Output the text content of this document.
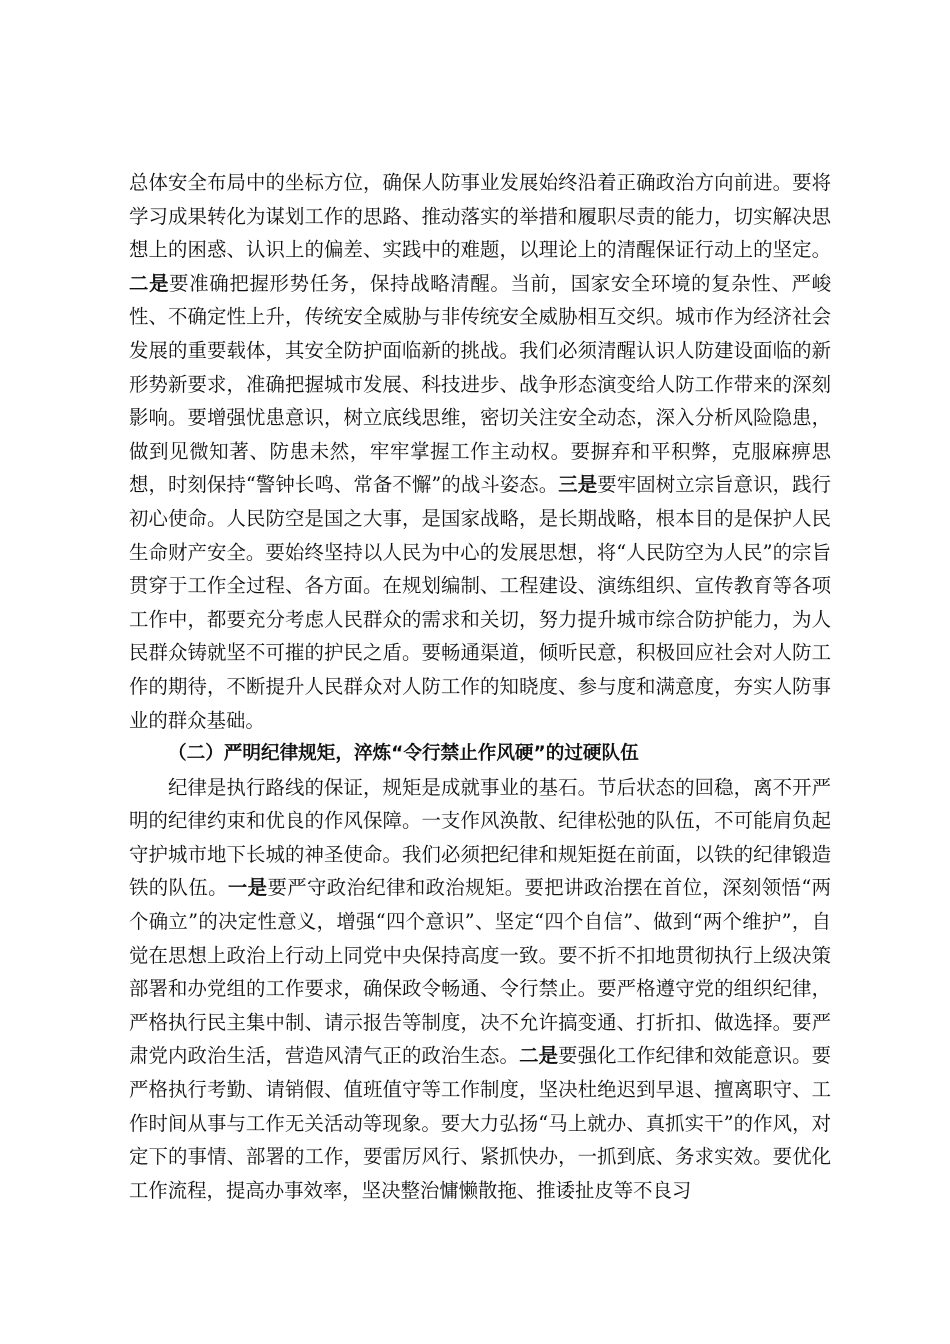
总体安全布局中的坐标方位，确保人防事业发展始终沿着正确政治方向前进。要将学习成果转化为谋划工作的思路、推动落实的举措和履职尽责的能力，切实解决思想上的困惑、认识上的偏差、实践中的难题，以理论上的清醒保证行动上的坚定。二是要准确把握形势任务，保持战略清醒。当前，国家安全环境的复杂性、严峻性、不确定性上升，传统安全威胁与非传统安全威胁相互交织。城市作为经济社会发展的重要载体，其安全防护面临新的挑战。我们必须清醒认识人防建设面临的新形势新要求，准确把握城市发展、科技进步、战争形态演变给人防工作带来的深刻影响。要增强忧患意识，树立底线思维，密切关注安全动态，深入分析风险隐患，做到见微知著、防患未然，牢牢掌握工作主动权。要摒弃和平积弊，克服麻痹思想，时刻保持“警钟长鸣、常备不懈”的战斗姿态。三是要牢固树立宗旨意识，践行初心使命。人民防空是国之大事，是国家战略，是长期战略，根本目的是保护人民生命财产安全。要始终坚持以人民为中心的发展思想，将“人民防空为人民”的宗旨贯穿于工作全过程、各方面。在规划编制、工程建设、演练组织、宣传教育等各项工作中，都要充分考虑人民群众的需求和关切，努力提升城市综合防护能力，为人民群众铸就坚不可摧的护民之盾。要畅通渠道，倾听民意，积极回应社会对人防工作的期待，不断提升人民群众对人防工作的知晓度、参与度和满意度，夯实人防事业的群众基础。

（二）严明纪律规矩，淬炼“令行禁止作风硬”的过硬队伍

纪律是执行路线的保证，规矩是成就事业的基石。节后状态的回稳，离不开严明的纪律约束和优良的作风保障。一支作风涣散、纪律松弛的队伍，不可能肩负起守护城市地下长城的神圣使命。我们必须把纪律和规矩挺在前面，以铁的纪律锻造铁的队伍。一是要严守政治纪律和政治规矩。要把讲政治摆在首位，深刻领悟“两个确立”的决定性意义，增强“四个意识”、坚定“四个自信”、做到“两个维护”，自觉在思想上政治上行动上同党中央保持高度一致。要不折不扣地贯彻执行上级决策部署和办党组的工作要求，确保政令畅通、令行禁止。要严格遵守党的组织纪律，严格执行民主集中制、请示报告等制度，决不允许搞变通、打折扣、做选择。要严肃党内政治生活，营造风清气正的政治生态。二是要强化工作纪律和效能意识。要严格执行考勤、请销假、值班值守等工作制度，坚决杜绝迟到早退、擅离职守、工作时间从事与工作无关活动等现象。要大力弘扬“马上就办、真抓实干”的作风，对定下的事情、部署的工作，要雷厉风行、紧抓快办，一抓到底、务求实效。要优化工作流程，提高办事效率，坚决整治慵懒散拖、推诿扯皮等不良习
